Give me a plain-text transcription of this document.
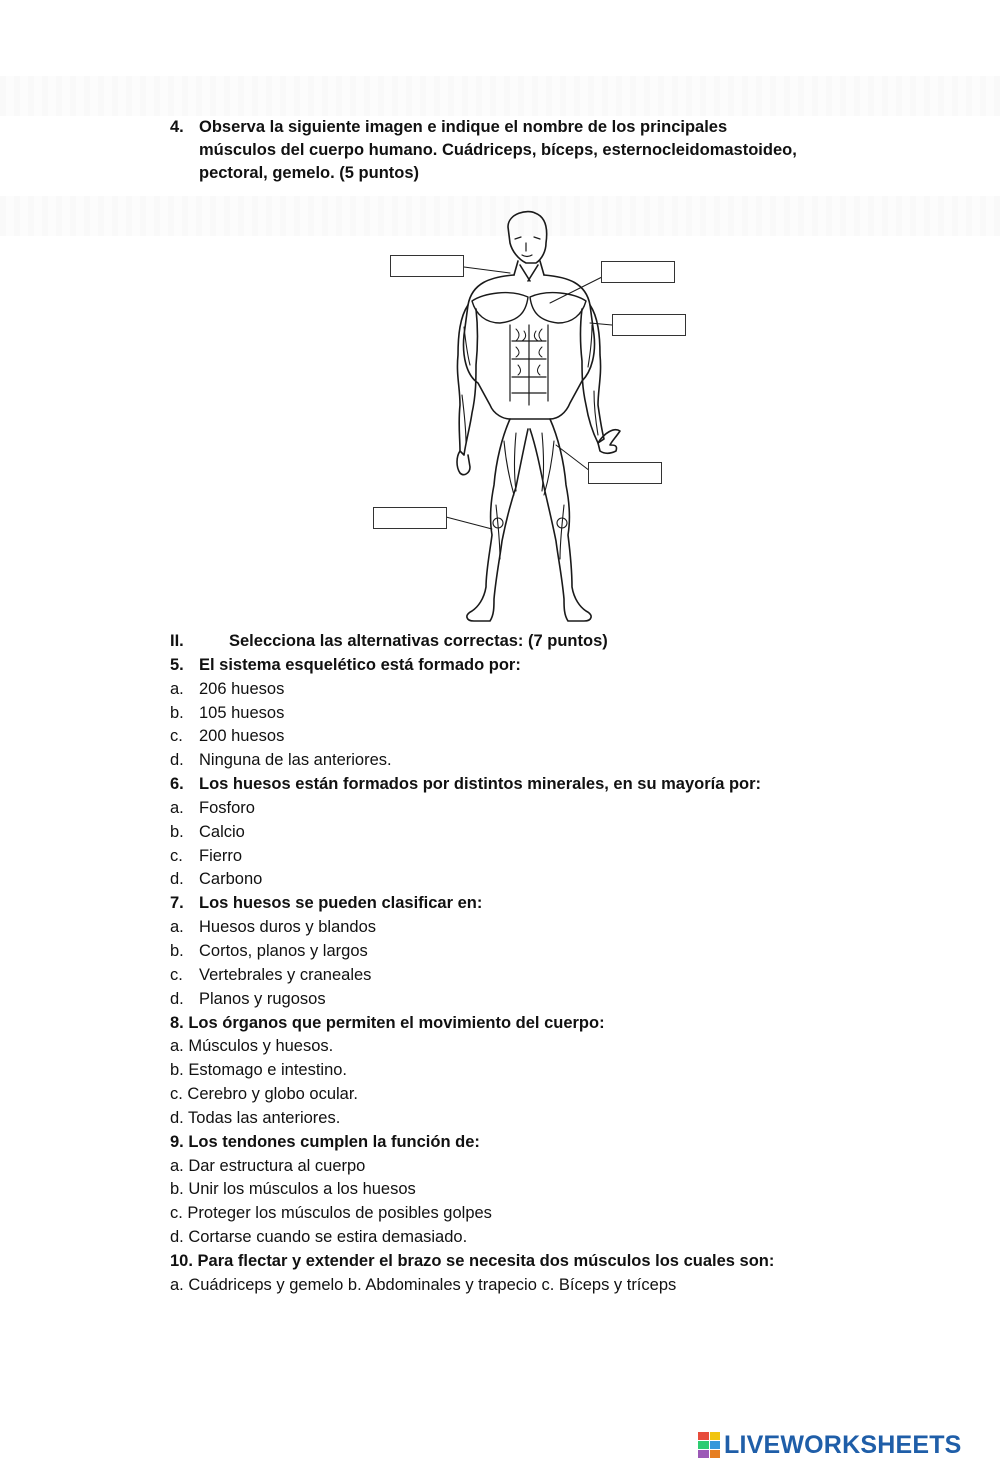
4. Observa la siguiente imagen e indique el nombre de los principales
músculos del cuerpo humano. Cuádriceps, bíceps, esternocleidomastoideo,
pectoral, gemelo. (5 puntos)
II.	Selecciona las alternativas correctas: (7 puntos)
5. El sistema esquelético está formado por:
a. 206 huesos
b. 105 huesos
c. 200 huesos
d. Ninguna de las anteriores.
6. Los huesos están formados por distintos minerales, en su mayoría por:
a. Fosforo
b. Calcio
c. Fierro
d. Carbono
7. Los huesos se pueden clasificar en:
a. Huesos duros y blandos
b. Cortos, planos y largos
c. Vertebrales y craneales
d. Planos y rugosos
8. Los órganos que permiten el movimiento del cuerpo:
a. Músculos y huesos.
b. Estomago e intestino.
c. Cerebro y globo ocular.
d. Todas las anteriores.
9. Los tendones cumplen la función de:
a. Dar estructura al cuerpo
b. Unir los músculos a los huesos
c. Proteger los músculos de posibles golpes
d. Cortarse cuando se estira demasiado.
10. Para flectar y extender el brazo se necesita dos músculos los cuales son:
a. Cuádriceps y gemelo b. Abdominales y trapecio c. Bíceps y tríceps
LIVEWORKSHEETS
